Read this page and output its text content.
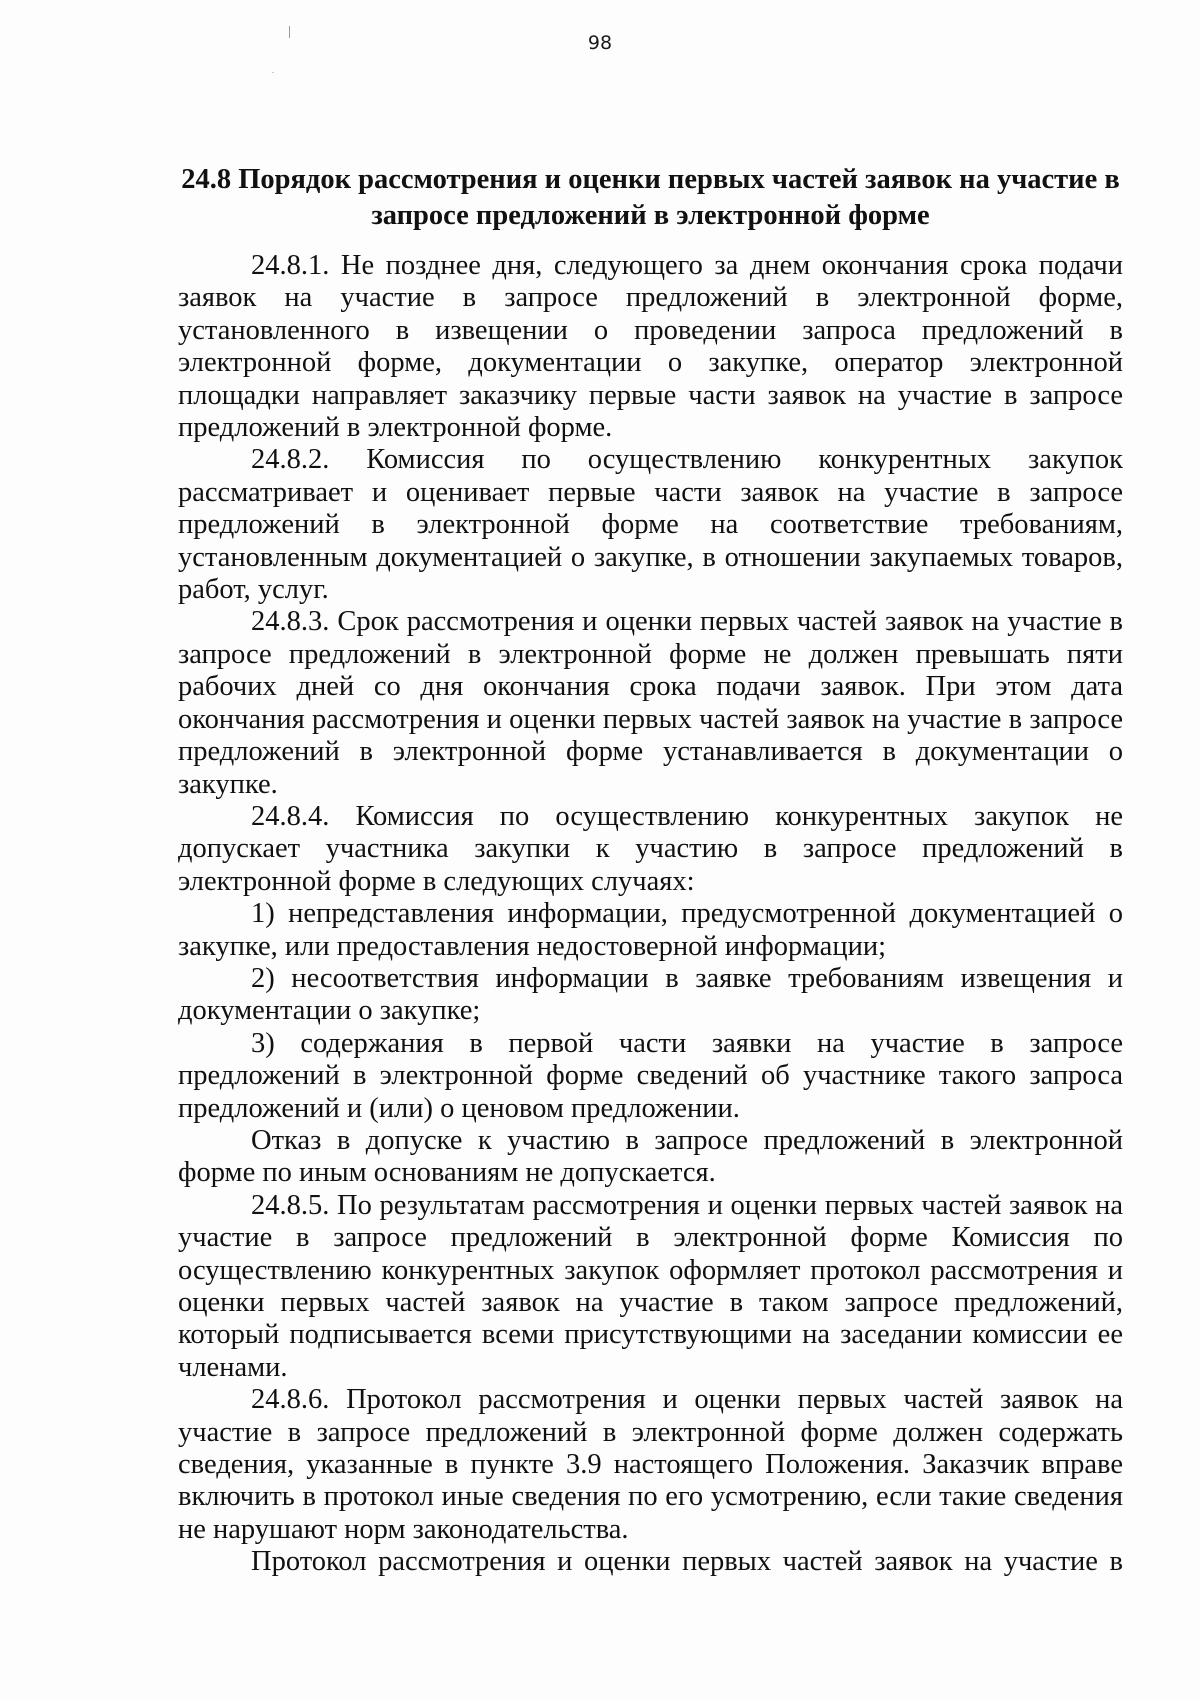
98
24.8 Порядок рассмотрения и оценки первых частей заявок на участие в запросе предложений в электронной форме

24.8.1. Не позднее дня, следующего за днем окончания срока подачи заявок на участие в запросе предложений в электронной форме, установленного в извещении о проведении запроса предложений в электронной форме, документации о закупке, оператор электронной площадки направляет заказчику первые части заявок на участие в запросе предложений в электронной форме.

24.8.2. Комиссия по осуществлению конкурентных закупок рассматривает и оценивает первые части заявок на участие в запросе предложений в электронной форме на соответствие требованиям, установленным документацией о закупке, в отношении закупаемых товаров, работ, услуг.

24.8.3. Срок рассмотрения и оценки первых частей заявок на участие в запросе предложений в электронной форме не должен превышать пяти рабочих дней со дня окончания срока подачи заявок. При этом дата окончания рассмотрения и оценки первых частей заявок на участие в запросе предложений в электронной форме устанавливается в документации о закупке.

24.8.4. Комиссия по осуществлению конкурентных закупок не допускает участника закупки к участию в запросе предложений в электронной форме в следующих случаях:

1) непредставления информации, предусмотренной документацией о закупке, или предоставления недостоверной информации;

2) несоответствия информации в заявке требованиям извещения и документации о закупке;

3) содержания в первой части заявки на участие в запросе предложений в электронной форме сведений об участнике такого запроса предложений и (или) о ценовом предложении.

Отказ в допуске к участию в запросе предложений в электронной форме по иным основаниям не допускается.

24.8.5. По результатам рассмотрения и оценки первых частей заявок на участие в запросе предложений в электронной форме Комиссия по осуществлению конкурентных закупок оформляет протокол рассмотрения и оценки первых частей заявок на участие в таком запросе предложений, который подписывается всеми присутствующими на заседании комиссии ее членами.

24.8.6. Протокол рассмотрения и оценки первых частей заявок на участие в запросе предложений в электронной форме должен содержать сведения, указанные в пункте 3.9 настоящего Положения. Заказчик вправе включить в протокол иные сведения по его усмотрению, если такие сведения не нарушают норм законодательства.

Протокол рассмотрения и оценки первых частей заявок на участие в
